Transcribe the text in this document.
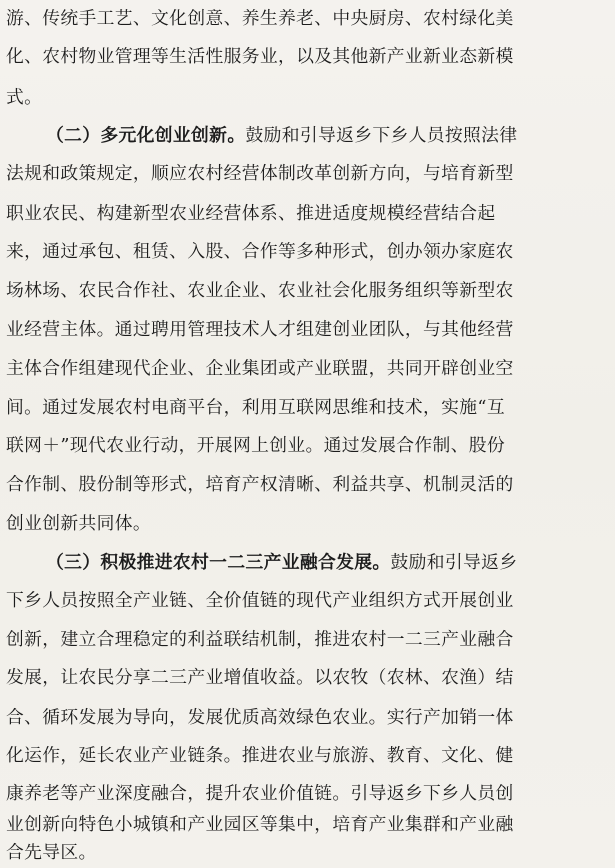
游、传统手工艺、文化创意、养生养老、中央厨房、农村绿化美
化、农村物业管理等生活性服务业，以及其他新产业新业态新模
式。
（二）多元化创业创新。鼓励和引导返乡下乡人员按照法律
法规和政策规定，顺应农村经营体制改革创新方向，与培育新型
职业农民、构建新型农业经营体系、推进适度规模经营结合起
来，通过承包、租赁、入股、合作等多种形式，创办领办家庭农
场林场、农民合作社、农业企业、农业社会化服务组织等新型农
业经营主体。通过聘用管理技术人才组建创业团队，与其他经营
主体合作组建现代企业、企业集团或产业联盟，共同开辟创业空
间。通过发展农村电商平台，利用互联网思维和技术，实施“互
联网＋”现代农业行动，开展网上创业。通过发展合作制、股份
合作制、股份制等形式，培育产权清晰、利益共享、机制灵活的
创业创新共同体。
（三）积极推进农村一二三产业融合发展。鼓励和引导返乡
下乡人员按照全产业链、全价值链的现代产业组织方式开展创业
创新，建立合理稳定的利益联结机制，推进农村一二三产业融合
发展，让农民分享二三产业增值收益。以农牧（农林、农渔）结
合、循环发展为导向，发展优质高效绿色农业。实行产加销一体
化运作，延长农业产业链条。推进农业与旅游、教育、文化、健
康养老等产业深度融合，提升农业价值链。引导返乡下乡人员创
业创新向特色小城镇和产业园区等集中，培育产业集群和产业融
合先导区。
